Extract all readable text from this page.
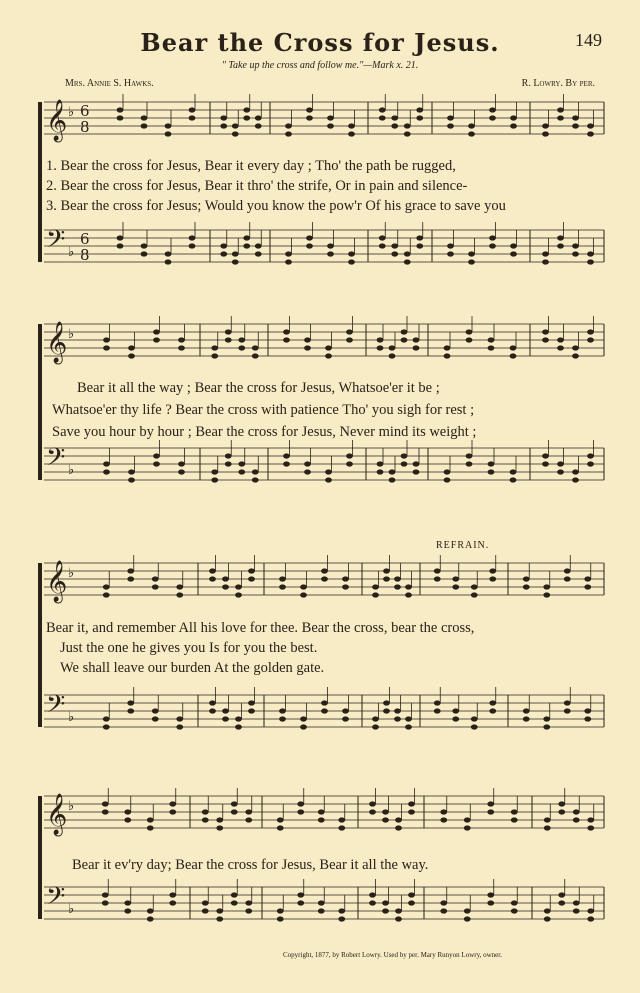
Bear the Cross for Jesus.	149
" Take up the cross and follow me."—Mark x. 21.
Mrs. Annie S. Hawks.	R. Lowry. By per.
𝄞 ♭ 6
8
𝄢 ♭
6
8
𝄞 ♭
𝄢 ♭
𝄞 ♭
𝄢 ♭
𝄞 ♭
𝄢 ♭
1. Bear the cross for Jesus, Bear it every day ; Tho' the path be rugged,
2. Bear the cross for Jesus, Bear it thro' the strife, Or in pain and silence-
3. Bear the cross for Jesus; Would you know the pow'r Of his grace to save you
Bear it all the way ; Bear the cross for Jesus, Whatsoe'er it be ;
Whatsoe'er thy life ? Bear the cross with patience Tho' you sigh for rest ;
Save you hour by hour ; Bear the cross for Jesus, Never mind its weight ;
REFRAIN.
Bear it, and remember All his love for thee. Bear the cross, bear the cross,
Just the one he gives you Is for you the best.
We shall leave our burden At the golden gate.
Bear it ev'ry day; Bear the cross for Jesus, Bear it all the way.
Copyright, 1877, by Robert Lowry. Used by per. Mary Runyon Lowry, owner.
